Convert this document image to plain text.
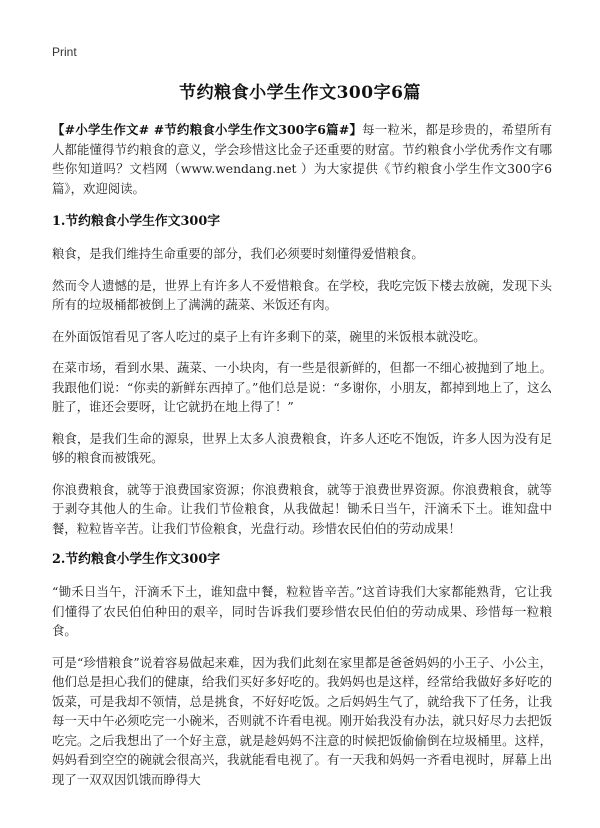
Print
节约粮食小学生作文300字6篇

【#小学生作文# #节约粮食小学生作文300字6篇#】每一粒米，都是珍贵的，希望所有人都能懂得节约粮食的意义，学会珍惜这比金子还重要的财富。节约粮食小学优秀作文有哪些你知道吗？文档网（www.wendang.net ）为大家提供《节约粮食小学生作文300字6篇》，欢迎阅读。

1.节约粮食小学生作文300字

粮食，是我们维持生命重要的部分，我们必须要时刻懂得爱惜粮食。

然而令人遗憾的是，世界上有许多人不爱惜粮食。在学校，我吃完饭下楼去放碗，发现下头所有的垃圾桶都被倒上了满满的蔬菜、米饭还有肉。

在外面饭馆看见了客人吃过的桌子上有许多剩下的菜，碗里的米饭根本就没吃。

在菜市场，看到水果、蔬菜、一小块肉，有一些是很新鲜的，但都一不细心被抛到了地上。我跟他们说：“你卖的新鲜东西掉了。”他们总是说：“多谢你，小朋友，都掉到地上了，这么脏了，谁还会要呀，让它就扔在地上得了！”

粮食，是我们生命的源泉，世界上太多人浪费粮食，许多人还吃不饱饭，许多人因为没有足够的粮食而被饿死。

你浪费粮食，就等于浪费国家资源；你浪费粮食，就等于浪费世界资源。你浪费粮食，就等于剥夺其他人的生命。让我们节俭粮食，从我做起！锄禾日当午，汗滴禾下土。谁知盘中餐，粒粒皆辛苦。让我们节俭粮食，光盘行动。珍惜农民伯伯的劳动成果！

2.节约粮食小学生作文300字

“锄禾日当午，汗滴禾下土，谁知盘中餐，粒粒皆辛苦。”这首诗我们大家都能熟背，它让我们懂得了农民伯伯种田的艰辛，同时告诉我们要珍惜农民伯伯的劳动成果、珍惜每一粒粮食。

可是“珍惜粮食”说着容易做起来难，因为我们此刻在家里都是爸爸妈妈的小王子、小公主，他们总是担心我们的健康，给我们买好多好吃的。我妈妈也是这样，经常给我做好多好吃的饭菜，可是我却不领情，总是挑食，不好好吃饭。之后妈妈生气了，就给我下了任务，让我每一天中午必须吃完一小碗米，否则就不许看电视。刚开始我没有办法，就只好尽力去把饭吃完。之后我想出了一个好主意，就是趁妈妈不注意的时候把饭偷偷倒在垃圾桶里。这样，妈妈看到空空的碗就会很高兴，我就能看电视了。有一天我和妈妈一齐看电视时，屏幕上出现了一双双因饥饿而睁得大
